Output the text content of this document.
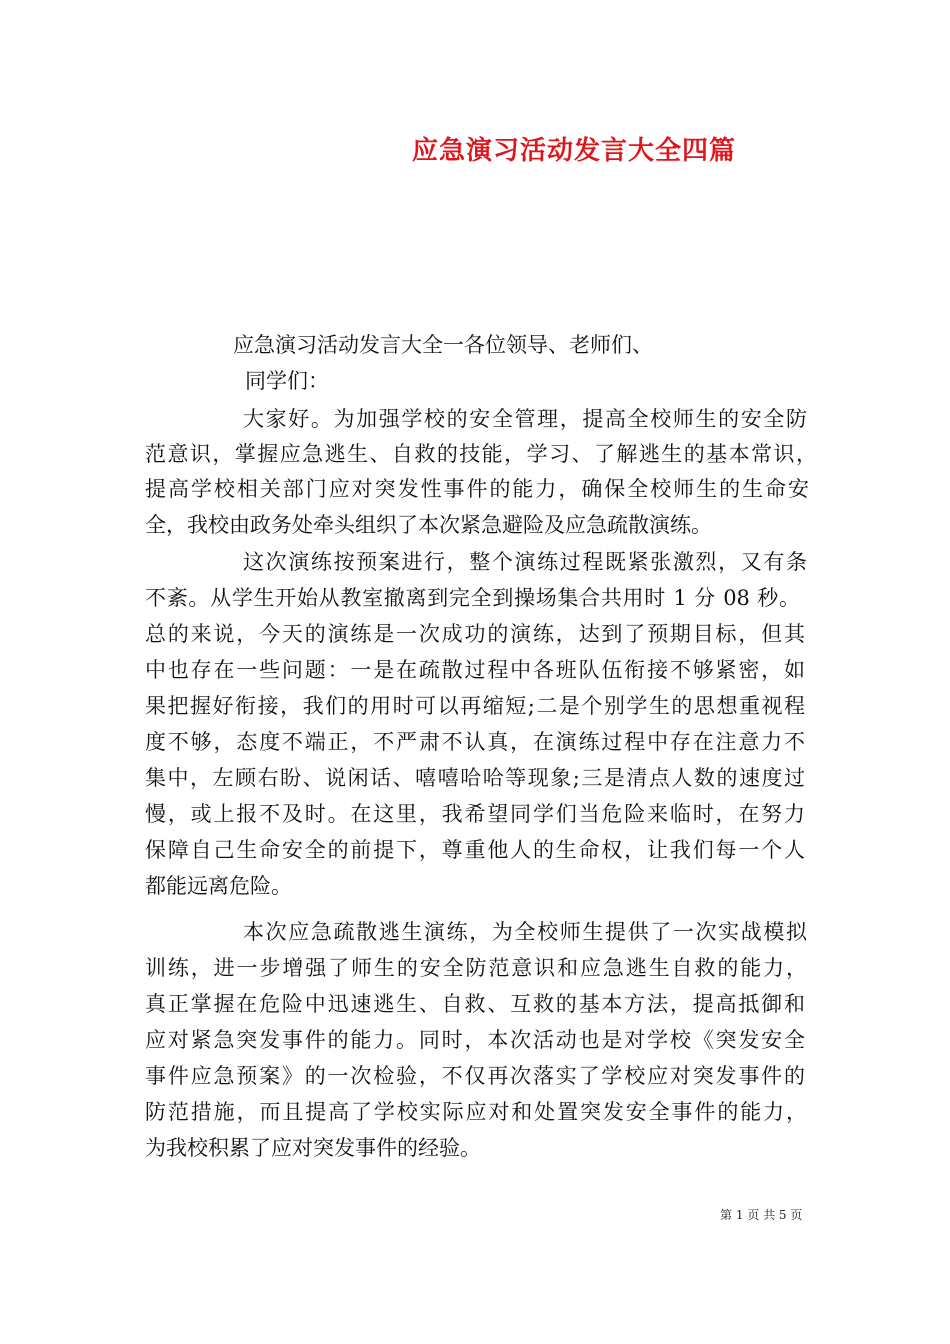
应急演习活动发言大全四篇
应急演习活动发言大全一各位领导、老师们、
同学们：
大家好。为加强学校的安全管理，提高全校师生的安全防
范意识，掌握应急逃生、自救的技能，学习、了解逃生的基本常识，
提高学校相关部门应对突发性事件的能力，确保全校师生的生命安
全，我校由政务处牵头组织了本次紧急避险及应急疏散演练。
这次演练按预案进行，整个演练过程既紧张激烈，又有条
不紊。从学生开始从教室撤离到完全到操场集合共用时 1 分 08 秒。
总的来说，今天的演练是一次成功的演练，达到了预期目标，但其
中也存在一些问题：一是在疏散过程中各班队伍衔接不够紧密，如
果把握好衔接，我们的用时可以再缩短;二是个别学生的思想重视程
度不够，态度不端正，不严肃不认真，在演练过程中存在注意力不
集中，左顾右盼、说闲话、嘻嘻哈哈等现象;三是清点人数的速度过
慢，或上报不及时。在这里，我希望同学们当危险来临时，在努力
保障自己生命安全的前提下，尊重他人的生命权，让我们每一个人
都能远离危险。
本次应急疏散逃生演练，为全校师生提供了一次实战模拟
训练，进一步增强了师生的安全防范意识和应急逃生自救的能力，
真正掌握在危险中迅速逃生、自救、互救的基本方法，提高抵御和
应对紧急突发事件的能力。同时，本次活动也是对学校《突发安全
事件应急预案》的一次检验，不仅再次落实了学校应对突发事件的
防范措施，而且提高了学校实际应对和处置突发安全事件的能力，
为我校积累了应对突发事件的经验。
第 1 页 共 5 页
